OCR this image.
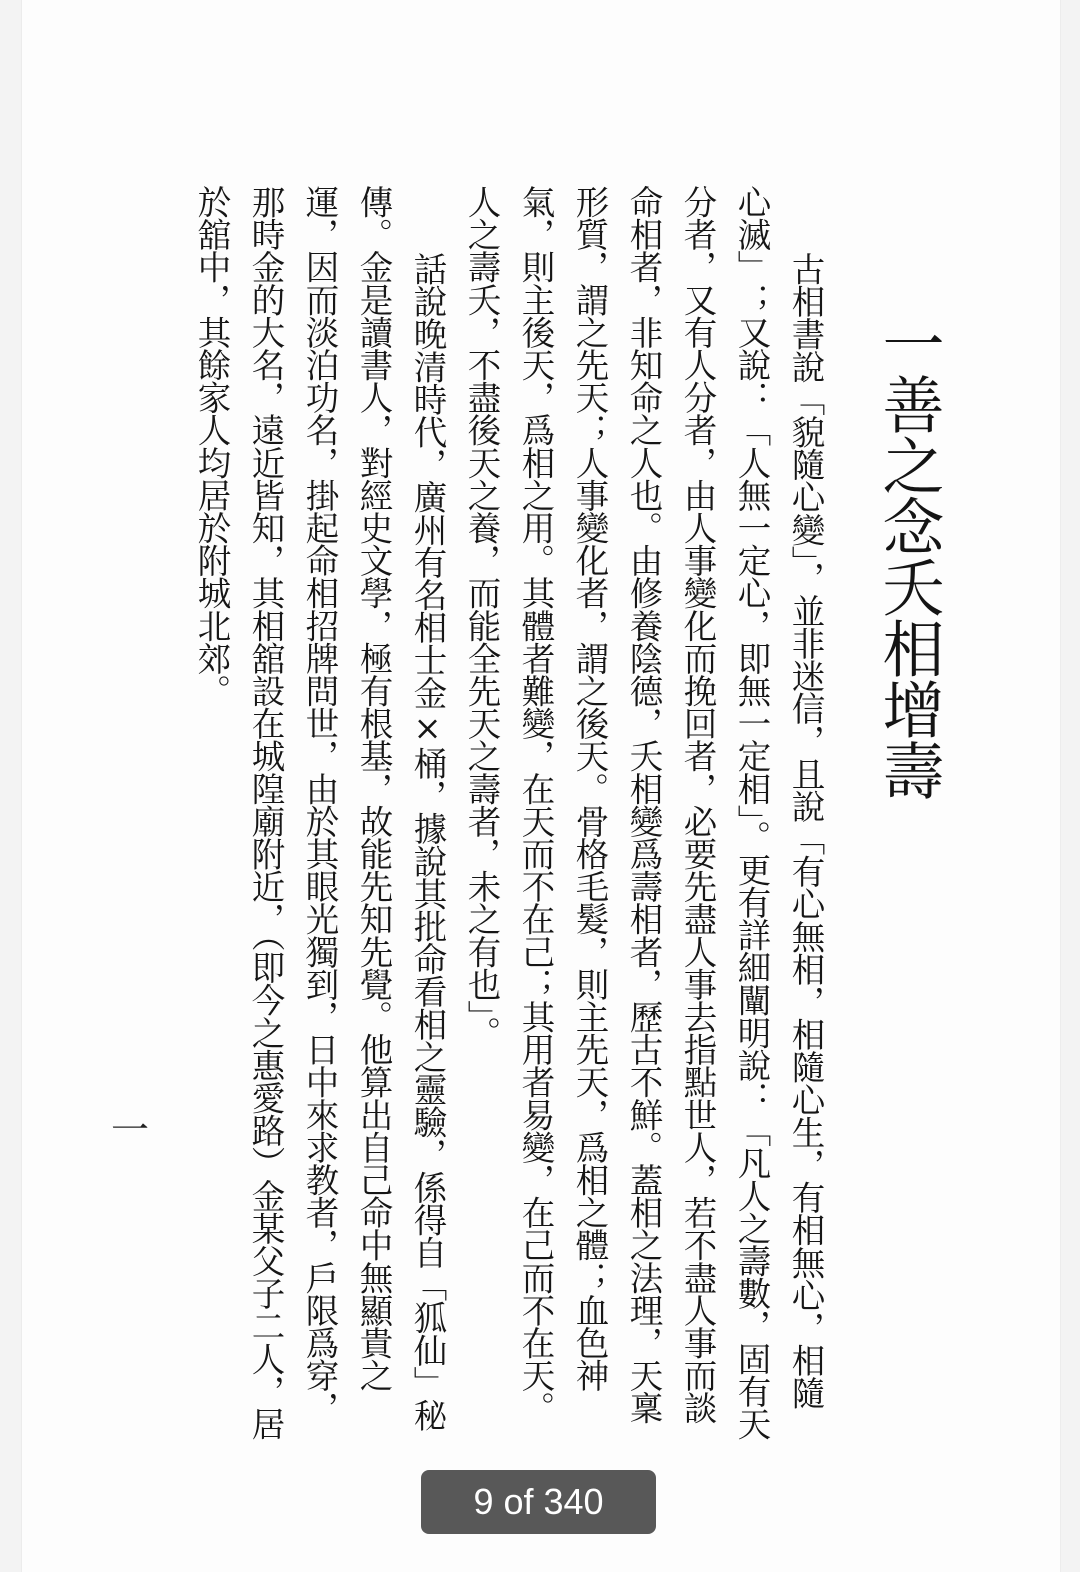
一善之念夭相增壽

古相書說「貌隨心變」，並非迷信，且說「有心無相，相隨心生，有相無心，相隨心滅」；又說：「人無一定心，即無一定相」。更有詳細闡明說：「凡人之壽數，固有天分者，又有人分者，由人事變化而挽回者，必要先盡人事去指點世人，若不盡人事而談命相者，非知命之人也。由修養陰德，夭相變爲壽相者，歷古不鮮。蓋相之法理，天稟形質，謂之先天；人事變化者，謂之後天。骨格毛髮，則主先天，爲相之體；血色神氣，則主後天，爲相之用。其體者難變，在天而不在己；其用者易變，在己而不在天。人之壽夭，不盡後天之養，而能全先天之壽者，未之有也」。

話說晚清時代，廣州有名相士金×桶，據說其批命看相之靈驗，係得自「狐仙」秘傳。金是讀書人，對經史文學，極有根基，故能先知先覺。他算出自己命中無顯貴之運，因而淡泊功名，掛起命相招牌問世，由於其眼光獨到，日中來求教者，戶限爲穿，那時金的大名，遠近皆知，其相舘設在城隍廟附近，（即今之惠愛路）金某父子二人，居於舘中，其餘家人均居於附城北郊。

一
9 of 340
